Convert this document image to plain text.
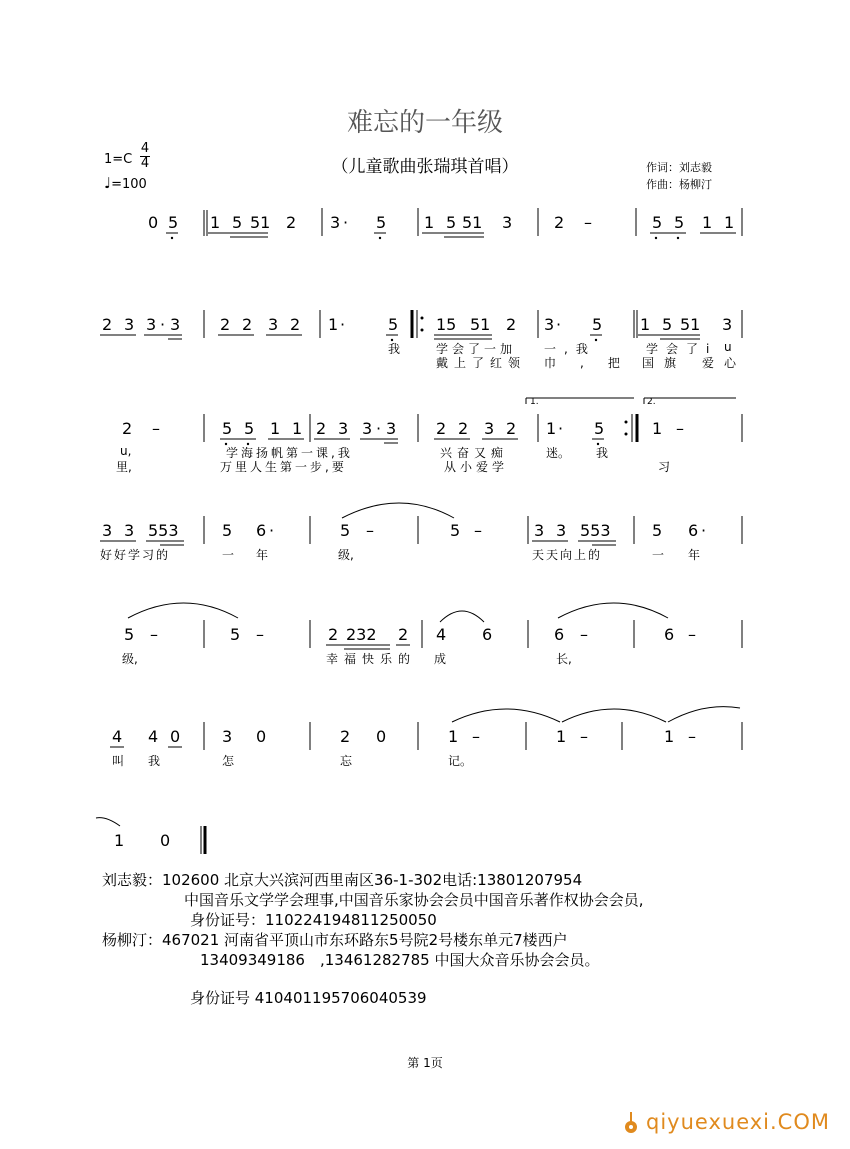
难忘的一年级
（儿童歌曲张瑞琪首唱）
1=C
4
4
♩=100
作词：刘志毅
作曲：杨柳汀
0 5 1 5 51 2 3 · 5 1 5 51 3	2 –	5 5 1 1
2 3 3 · 3 2 2 3 2 1 ·	5 15 51 2 3 · 5 1 5 51 3
2 –	5 5 1 1 2 3 3 · 3 2 2 3 2 1 · 5	1 –
3 3 553	5 6 ·	5 –	5 –	3 3 553	5 6 ·
5 –	5 –	2 232 2 4 6	6 –	6 –
4 4 0	3 0	2 0	1 –	1 –	1 –
1 0
1.	2.
我	学会了一加 一,我	学会了i u
戴上了红领 巾,把
国旗 爱心
u,	学海扬帆第一课,我	兴奋又痴	迷。 我
里,	万里人生第一步,要	从小爱学	习
好好学习的	一 年	级,	天天向上的	一 年
级,	幸福快乐的 成	长,
叫 我	怎	忘	记。
刘志毅：102600 北京大兴滨河西里南区36-1-302电话:13801207954
中国音乐文学学会理事,中国音乐家协会会员中国音乐著作权协会会员,
身份证号：110224194811250050
杨柳汀：467021 河南省平顶山市东环路东5号院2号楼东单元7楼西户
13409349186　,13461282785 中国大众音乐协会会员。
身份证号 410401195706040539
第 1页
qiyuexuexi.COM
